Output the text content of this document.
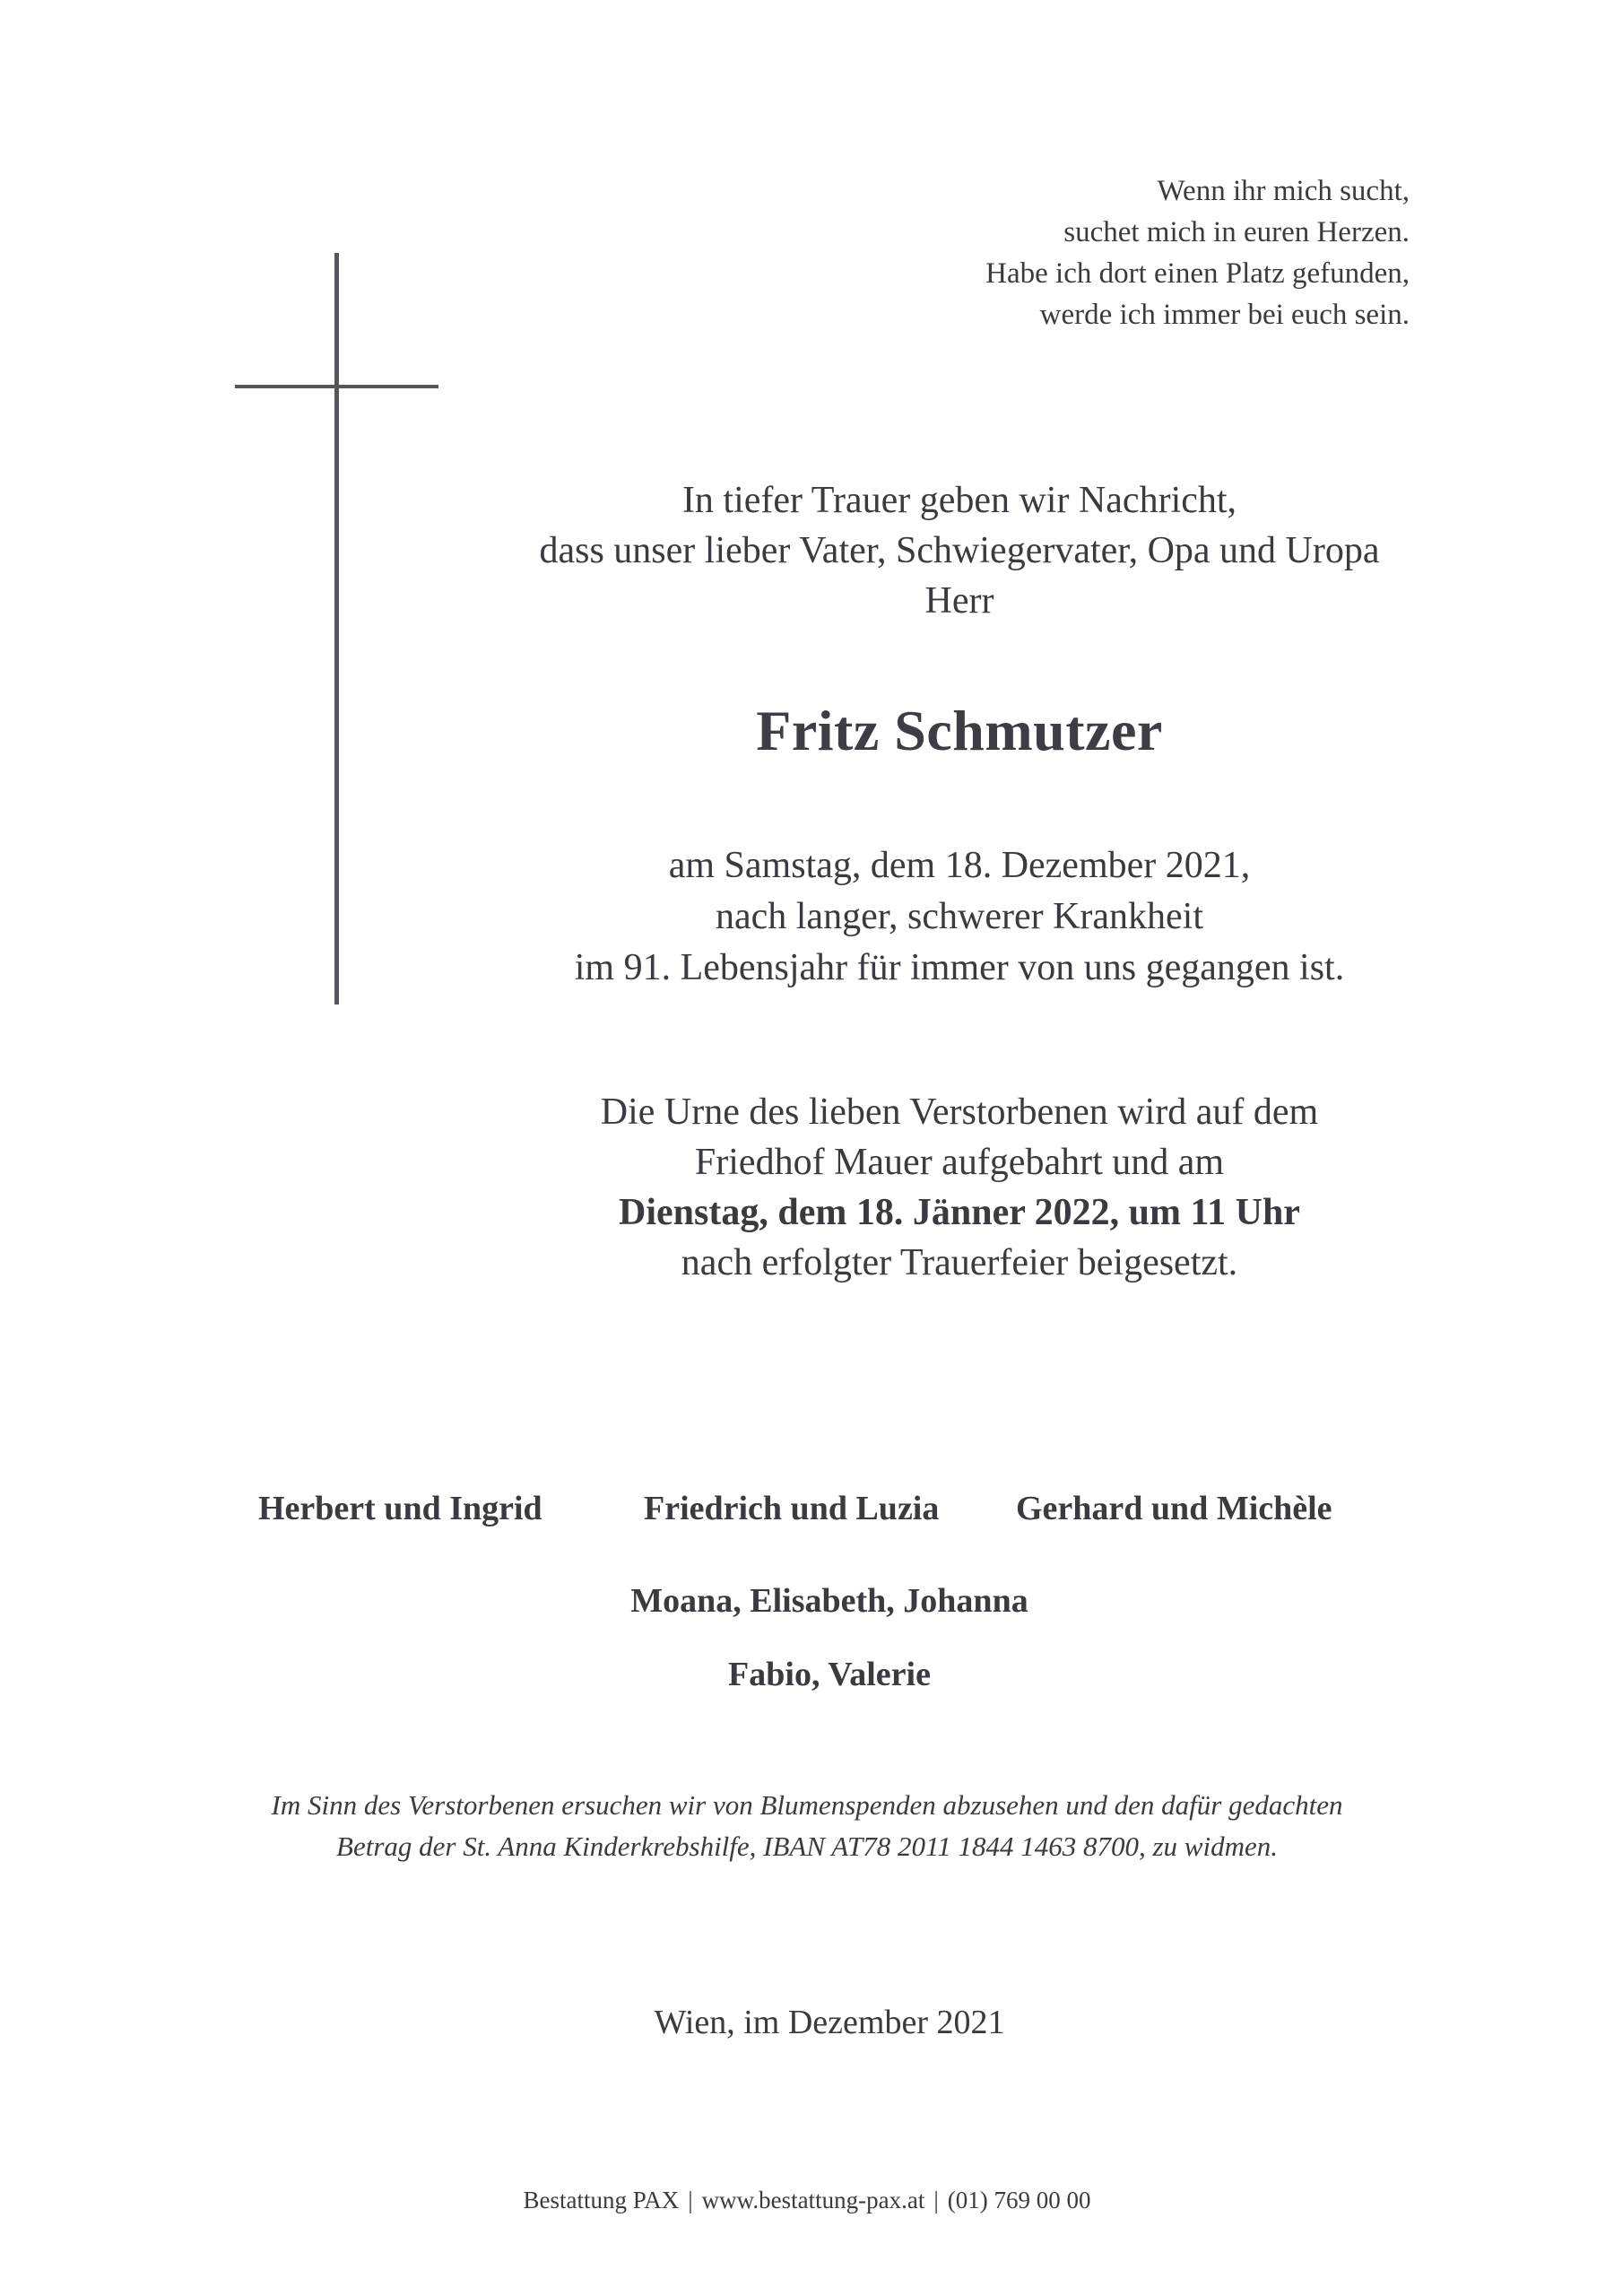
Wenn ihr mich sucht,
suchet mich in euren Herzen.
Habe ich dort einen Platz gefunden,
werde ich immer bei euch sein.
In tiefer Trauer geben wir Nachricht,
dass unser lieber Vater, Schwiegervater, Opa und Uropa
Herr
Fritz Schmutzer
am Samstag, dem 18. Dezember 2021,
nach langer, schwerer Krankheit
im 91. Lebensjahr für immer von uns gegangen ist.
Die Urne des lieben Verstorbenen wird auf dem
Friedhof Mauer aufgebahrt und am
Dienstag, dem 18. Jänner 2022, um 11 Uhr
nach erfolgter Trauerfeier beigesetzt.
Herbert und Ingrid	Friedrich und Luzia Gerhard und Michèle
Moana, Elisabeth, Johanna
Fabio, Valerie
Im Sinn des Verstorbenen ersuchen wir von Blumenspenden abzusehen und den dafür gedachten
Betrag der St. Anna Kinderkrebshilfe, IBAN AT78 2011 1844 1463 8700, zu widmen.
Wien, im Dezember 2021
Bestattung PAX | www.bestattung-pax.at | (01) 769 00 00
